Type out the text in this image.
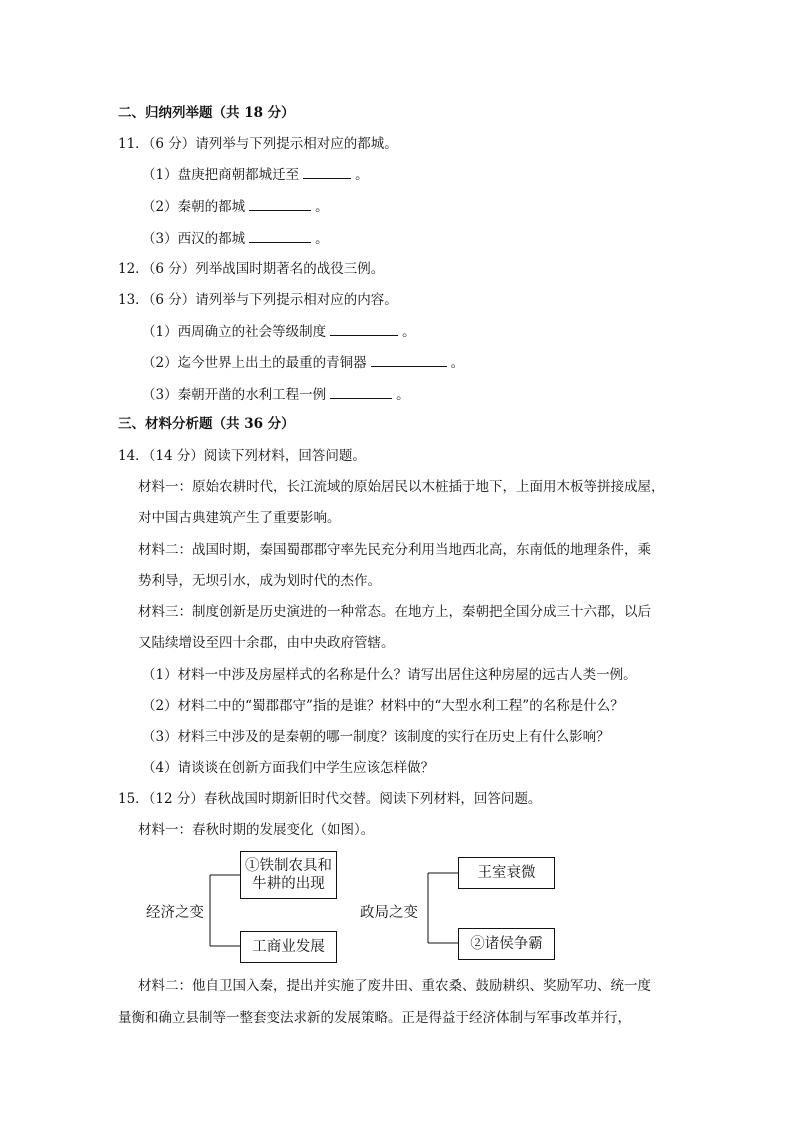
二、归纳列举题（共 18 分）
11．（6 分）请列举与下列提示相对应的都城。
（1）盘庚把商朝都城迁至	。
（2）秦朝的都城	。
（3）西汉的都城	。
12．（6 分）列举战国时期著名的战役三例。
13．（6 分）请列举与下列提示相对应的内容。
（1）西周确立的社会等级制度	。
（2）迄今世界上出土的最重的青铜器	。
（3）秦朝开凿的水利工程一例	。
三、材料分析题（共 36 分）
14．（14 分）阅读下列材料，回答问题。
材料一：原始农耕时代，长江流域的原始居民以木桩插于地下，上面用木板等拼接成屋，
对中国古典建筑产生了重要影响。
材料二：战国时期，秦国蜀郡郡守率先民充分利用当地西北高，东南低的地理条件，乘
势利导，无坝引水，成为划时代的杰作。
材料三：制度创新是历史演进的一种常态。在地方上，秦朝把全国分成三十六郡，以后
又陆续增设至四十余郡，由中央政府管辖。
（1）材料一中涉及房屋样式的名称是什么？请写出居住这种房屋的远古人类一例。
（2）材料二中的“蜀郡郡守”指的是谁？材料中的“大型水利工程”的名称是什么？
（3）材料三中涉及的是秦朝的哪一制度？该制度的实行在历史上有什么影响？
（4）请谈谈在创新方面我们中学生应该怎样做？
15．（12 分）春秋战国时期新旧时代交替。阅读下列材料，回答问题。
材料一：春秋时期的发展变化（如图）。
经济之变
①铁制农具和
牛耕的出现
工商业发展
政局之变
王室衰微
②诸侯争霸
材料二：他自卫国入秦，提出并实施了废井田、重农桑、鼓励耕织、奖励军功、统一度
量衡和确立县制等一整套变法求新的发展策略。正是得益于经济体制与军事改革并行，
